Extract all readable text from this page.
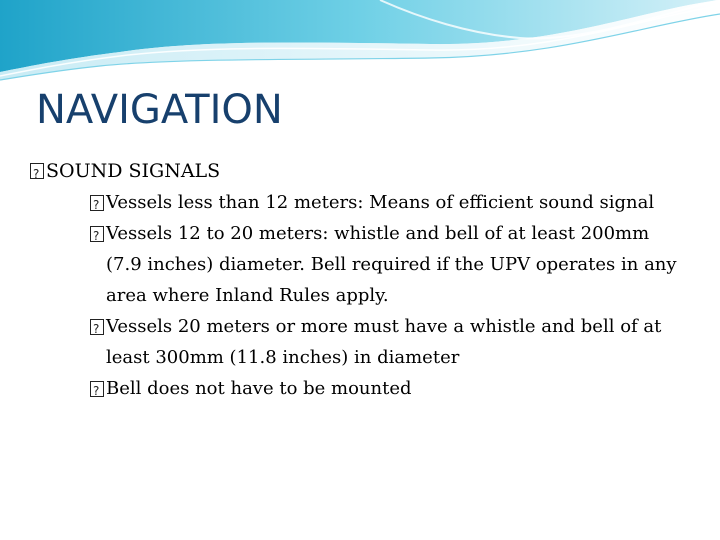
NAVIGATION
?
SOUND SIGNALS
?
Vessels less than 12 meters: Means of efficient sound signal
?
Vessels 12 to 20 meters: whistle and bell of at least 200mm (7.9 inches) diameter. Bell required if the UPV operates in any area where Inland Rules apply.
?
Vessels 20 meters or more must have a whistle and bell of at least 300mm (11.8 inches) in diameter
?
Bell does not have to be mounted
